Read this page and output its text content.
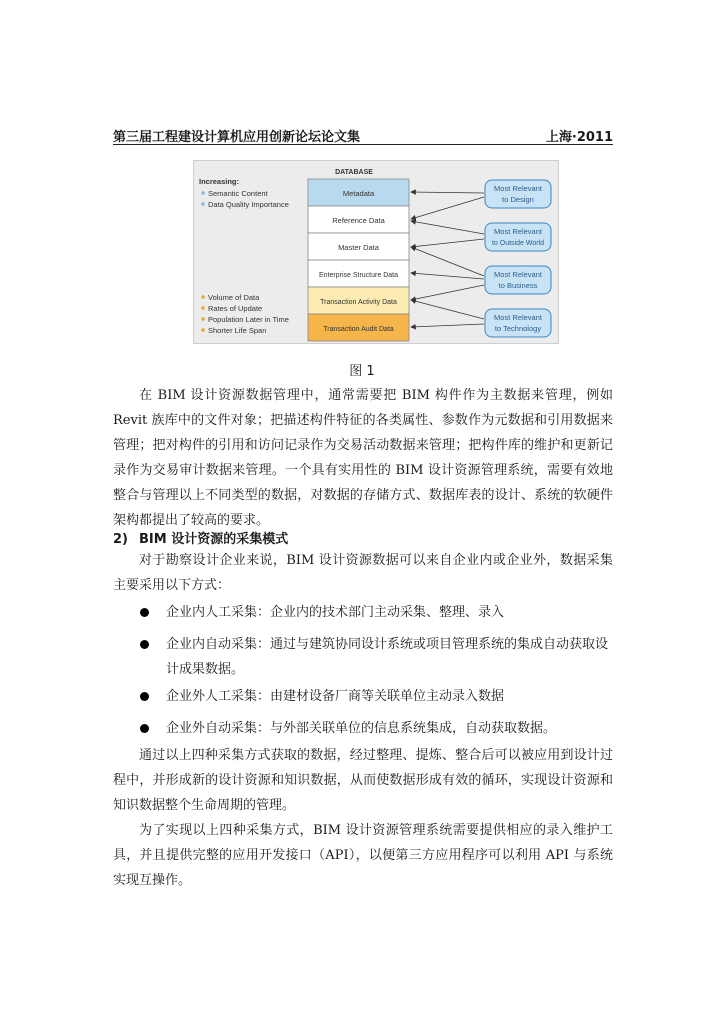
第三届工程建设计算机应用创新论坛论文集	上海·2011
DATABASE
Increasing:
Semantic Content
Data Quality Importance
Volume of Data
Rates of Update
Population Later in Time
Shorter Life Span
Metadata
Reference Data
Master Data
Enterprise Structure Data
Transaction Activity Data
Transaction Audit Data
Most Relevant
to Design
Most Relevant
to Outside World
Most Relevant
to Business
Most Relevant
to Technology
图 1

在 BIM 设计资源数据管理中，通常需要把 BIM 构件作为主数据来管理，例如 Revit 族库中的文件对象；把描述构件特征的各类属性、参数作为元数据和引用数据来管理；把对构件的引用和访问记录作为交易活动数据来管理；把构件库的维护和更新记录作为交易审计数据来管理。一个具有实用性的 BIM 设计资源管理系统，需要有效地整合与管理以上不同类型的数据，对数据的存储方式、数据库表的设计、系统的软硬件架构都提出了较高的要求。

2) BIM 设计资源的采集模式

对于勘察设计企业来说，BIM 设计资源数据可以来自企业内或企业外，数据采集主要采用以下方式：

企业内人工采集：企业内的技术部门主动采集、整理、录入
企业内自动采集：通过与建筑协同设计系统或项目管理系统的集成自动获取设计成果数据。
企业外人工采集：由建材设备厂商等关联单位主动录入数据
企业外自动采集：与外部关联单位的信息系统集成，自动获取数据。

通过以上四种采集方式获取的数据，经过整理、提炼、整合后可以被应用到设计过程中，并形成新的设计资源和知识数据，从而使数据形成有效的循环，实现设计资源和知识数据整个生命周期的管理。

为了实现以上四种采集方式，BIM 设计资源管理系统需要提供相应的录入维护工具，并且提供完整的应用开发接口（API），以便第三方应用程序可以利用 API 与系统实现互操作。
